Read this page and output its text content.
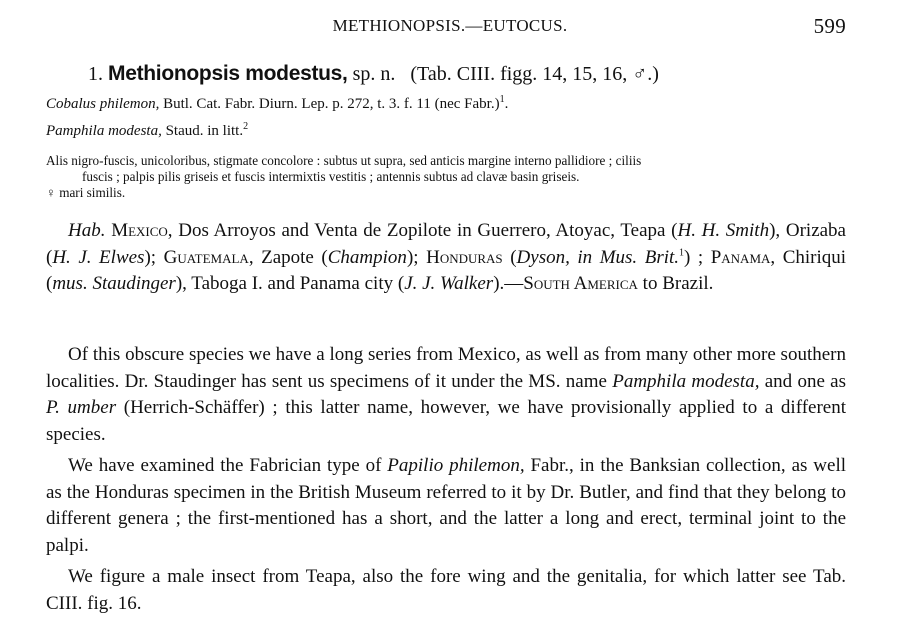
METHIONOPSIS.—EUTOCUS.	599
1. Methionopsis modestus, sp. n. (Tab. CIII. figg. 14, 15, 16, ♂.)
Cobalus philemon, Butl. Cat. Fabr. Diurn. Lep. p. 272, t. 3. f. 11 (nec Fabr.)$^1$.
Pamphila modesta, Staud. in litt.$^2$
Alis nigro-fuscis, unicoloribus, stigmate concolore : subtus ut supra, sed anticis margine interno pallidiore ; ciliis
fuscis ; palpis pilis griseis et fuscis intermixtis vestitis ; antennis subtus ad clavæ basin griseis.
♀ mari similis.
Hab. Mexico, Dos Arroyos and Venta de Zopilote in Guerrero, Atoyac, Teapa (H. H. Smith), Orizaba (H. J. Elwes); Guatemala, Zapote (Champion); Honduras (Dyson, in Mus. Brit.$^1$) ; Panama, Chiriqui (mus. Staudinger), Taboga I. and Panama city (J. J. Walker).—South America to Brazil.
Of this obscure species we have a long series from Mexico, as well as from many other more southern localities. Dr. Staudinger has sent us specimens of it under the MS. name Pamphila modesta, and one as P. umber (Herrich-Schäffer) ; this latter name, however, we have provisionally applied to a different species.
We have examined the Fabrician type of Papilio philemon, Fabr., in the Banksian collection, as well as the Honduras specimen in the British Museum referred to it by Dr. Butler, and find that they belong to different genera ; the first-mentioned has a short, and the latter a long and erect, terminal joint to the palpi.
We figure a male insect from Teapa, also the fore wing and the genitalia, for which latter see Tab. CIII. fig. 16.
